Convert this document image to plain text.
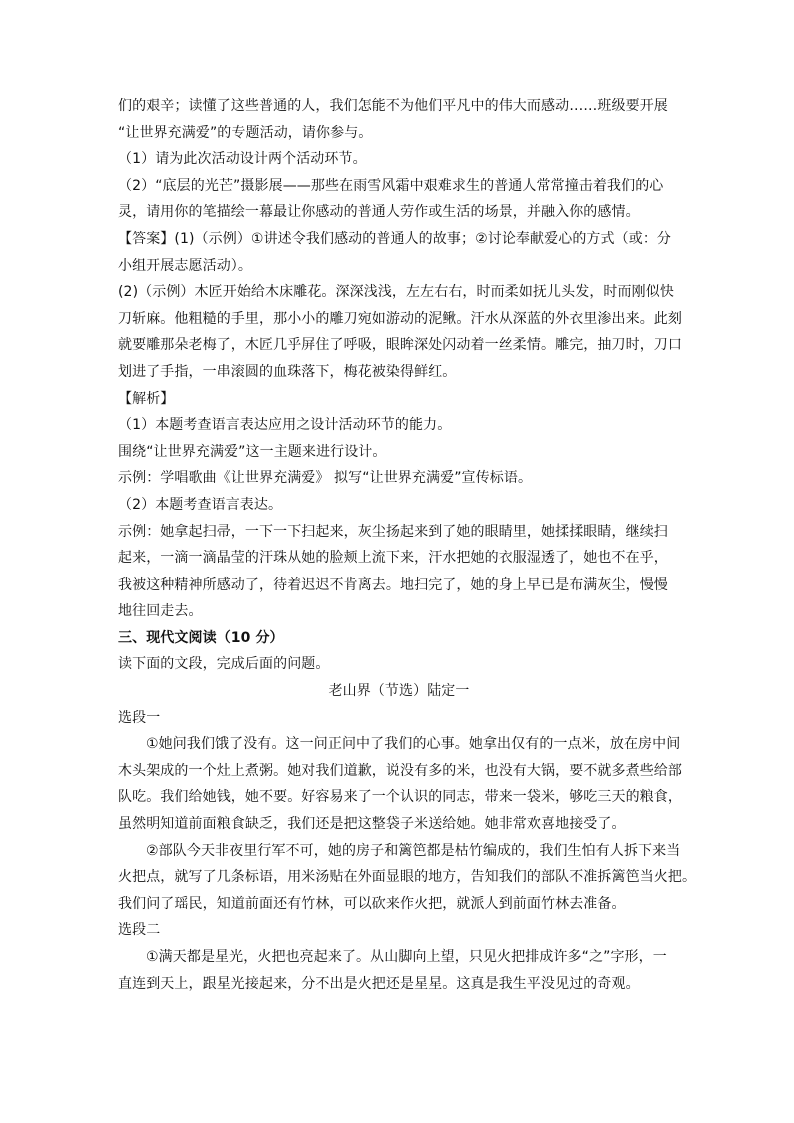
们的艰辛；读懂了这些普通的人，我们怎能不为他们平凡中的伟大而感动……班级要开展

“让世界充满爱”的专题活动，请你参与。

（1）请为此次活动设计两个活动环节。

（2）“底层的光芒”摄影展——那些在雨雪风霜中艰难求生的普通人常常撞击着我们的心

灵，请用你的笔描绘一幕最让你感动的普通人劳作或生活的场景，并融入你的感情。

【答案】(1)（示例）①讲述令我们感动的普通人的故事；②讨论奉献爱心的方式（或：分

小组开展志愿活动）。

(2)（示例）木匠开始给木床雕花。深深浅浅，左左右右，时而柔如抚儿头发，时而刚似快

刀斩麻。他粗糙的手里，那小小的雕刀宛如游动的泥鳅。汗水从深蓝的外衣里渗出来。此刻

就要雕那朵老梅了，木匠几乎屏住了呼吸，眼眸深处闪动着一丝柔情。雕完，抽刀时，刀口

划进了手指，一串滚圆的血珠落下，梅花被染得鲜红。

【解析】

（1）本题考查语言表达应用之设计活动环节的能力。

围绕“让世界充满爱”这一主题来进行设计。

示例：学唱歌曲《让世界充满爱》 拟写“让世界充满爱”宣传标语。

（2）本题考查语言表达。

示例：她拿起扫帚，一下一下扫起来，灰尘扬起来到了她的眼睛里，她揉揉眼睛，继续扫

起来，一滴一滴晶莹的汗珠从她的脸颊上流下来，汗水把她的衣服湿透了，她也不在乎，

我被这种精神所感动了，待着迟迟不肯离去。地扫完了，她的身上早已是布满灰尘，慢慢

地往回走去。

三、现代文阅读（10 分）

读下面的文段，完成后面的问题。

老山界（节选）陆定一

选段一

①她问我们饿了没有。这一问正问中了我们的心事。她拿出仅有的一点米，放在房中间

木头架成的一个灶上煮粥。她对我们道歉，说没有多的米，也没有大锅，要不就多煮些给部

队吃。我们给她钱，她不要。好容易来了一个认识的同志，带来一袋米，够吃三天的粮食，

虽然明知道前面粮食缺乏，我们还是把这整袋子米送给她。她非常欢喜地接受了。

②部队今天非夜里行军不可，她的房子和篱笆都是枯竹编成的，我们生怕有人拆下来当

火把点，就写了几条标语，用米汤贴在外面显眼的地方，告知我们的部队不准拆篱笆当火把。

我们问了瑶民，知道前面还有竹林，可以砍来作火把，就派人到前面竹林去准备。

选段二

①满天都是星光，火把也亮起来了。从山脚向上望，只见火把排成许多“之”字形，一

直连到天上，跟星光接起来，分不出是火把还是星星。这真是我生平没见过的奇观。
